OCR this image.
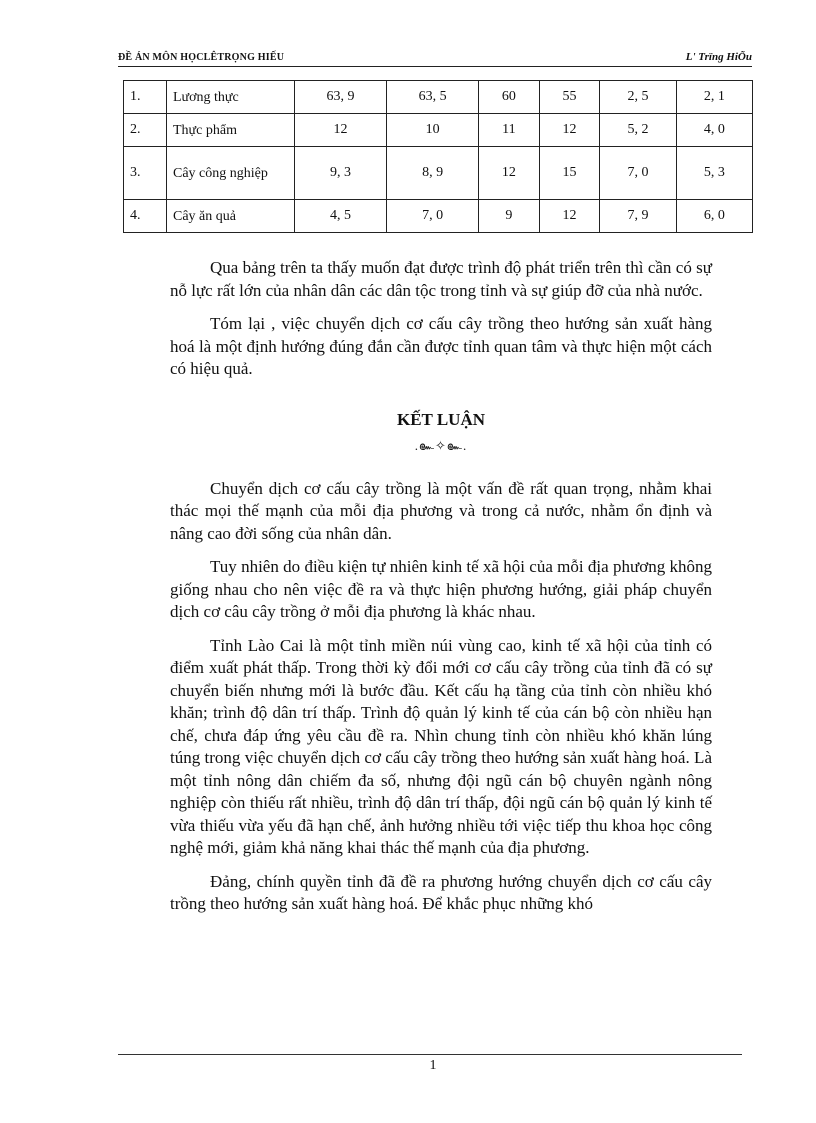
ĐỀ ÁN MÔN HỌCLÊTRỌNG HIẾU	L' Trïng HiÕu
1.	Lương thực	63, 9	63, 5	60	55	2, 5	2, 1
2.	Thực phẩm	12	10	11	12	5, 2	4, 0
3.	Cây công nghiệp	9, 3	8, 9	12	15	7, 0	5, 3
4.	Cây ăn quả	4, 5	7, 0	9	12	7, 9	6, 0

Qua bảng trên ta thấy muốn đạt được trình độ phát triển trên thì cần có sự nỗ lực rất lớn của nhân dân các dân tộc trong tỉnh và sự giúp đỡ của nhà nước.

Tóm lại , việc chuyển dịch cơ cấu cây trồng theo hướng sản xuất hàng hoá là một định hướng đúng đắn cần được tỉnh quan tâm và thực hiện một cách có hiệu quả.

KẾT LUẬN
.๛✧๛.

Chuyển dịch cơ cấu cây trồng là một vấn đề rất quan trọng, nhằm khai thác mọi thế mạnh của mỗi địa phương và trong cả nước, nhằm ổn định và nâng cao đời sống của nhân dân.

Tuy nhiên do điều kiện tự nhiên kinh tế xã hội của mỗi địa phương không giống nhau cho nên việc đề ra và thực hiện phương hướng, giải pháp chuyển dịch cơ câu cây trồng ở mỗi địa phương là khác nhau.

Tỉnh Lào Cai là một tỉnh miền núi vùng cao, kinh tế xã hội của tỉnh có điểm xuất phát thấp. Trong thời kỳ đổi mới cơ cấu cây trồng của tỉnh đã có sự chuyển biến nhưng mới là bước đầu. Kết cấu hạ tầng của tỉnh còn nhiều khó khăn; trình độ dân trí thấp. Trình độ quản lý kinh tế của cán bộ còn nhiều hạn chế, chưa đáp ứng yêu cầu đề ra. Nhìn chung tỉnh còn nhiều khó khăn lúng túng trong việc chuyển dịch cơ cấu cây trồng theo hướng sản xuất hàng hoá. Là một tỉnh nông dân chiếm đa số, nhưng đội ngũ cán bộ chuyên ngành nông nghiệp còn thiếu rất nhiều, trình độ dân trí thấp, đội ngũ cán bộ quản lý kinh tế vừa thiếu vừa yếu đã hạn chế, ảnh hưởng nhiều tới việc tiếp thu khoa học công nghệ mới, giảm khả năng khai thác thế mạnh của địa phương.

Đảng, chính quyền tỉnh đã đề ra phương hướng chuyển dịch cơ cấu cây trồng theo hướng sản xuất hàng hoá. Để khắc phục những khó

1
